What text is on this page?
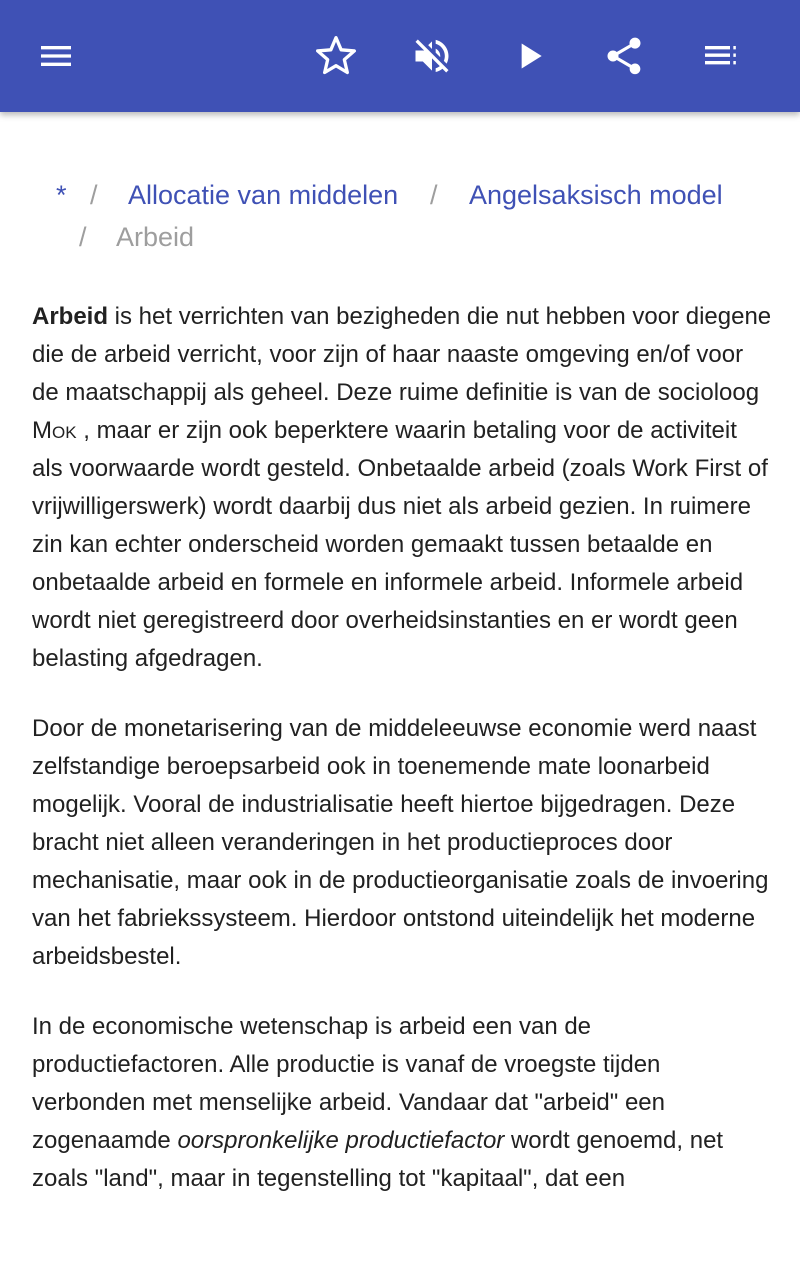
* / Allocatie van middelen / Angelsaksisch model
/ Arbeid

Arbeid is het verrichten van bezigheden die nut hebben voor diegene die de arbeid verricht, voor zijn of haar naaste omgeving en/of voor de maatschappij als geheel. Deze ruime definitie is van de socioloog Mok , maar er zijn ook beperktere waarin betaling voor de activiteit als voorwaarde wordt gesteld. Onbetaalde arbeid (zoals Work First of vrijwilligerswerk) wordt daarbij dus niet als arbeid gezien. In ruimere zin kan echter onderscheid worden gemaakt tussen betaalde en onbetaalde arbeid en formele en informele arbeid. Informele arbeid wordt niet geregistreerd door overheidsinstanties en er wordt geen belasting afgedragen.

Door de monetarisering van de middeleeuwse economie werd naast zelfstandige beroepsarbeid ook in toenemende mate loonarbeid mogelijk. Vooral de industrialisatie heeft hiertoe bijgedragen. Deze bracht niet alleen veranderingen in het productieproces door mechanisatie, maar ook in de productieorganisatie zoals de invoering van het fabriekssysteem. Hierdoor ontstond uiteindelijk het moderne arbeidsbestel.

In de economische wetenschap is arbeid een van de productiefactoren. Alle productie is vanaf de vroegste tijden verbonden met menselijke arbeid. Vandaar dat "arbeid" een zogenaamde oorspronkelijke productiefactor wordt genoemd, net zoals "land", maar in tegenstelling tot "kapitaal", dat een
